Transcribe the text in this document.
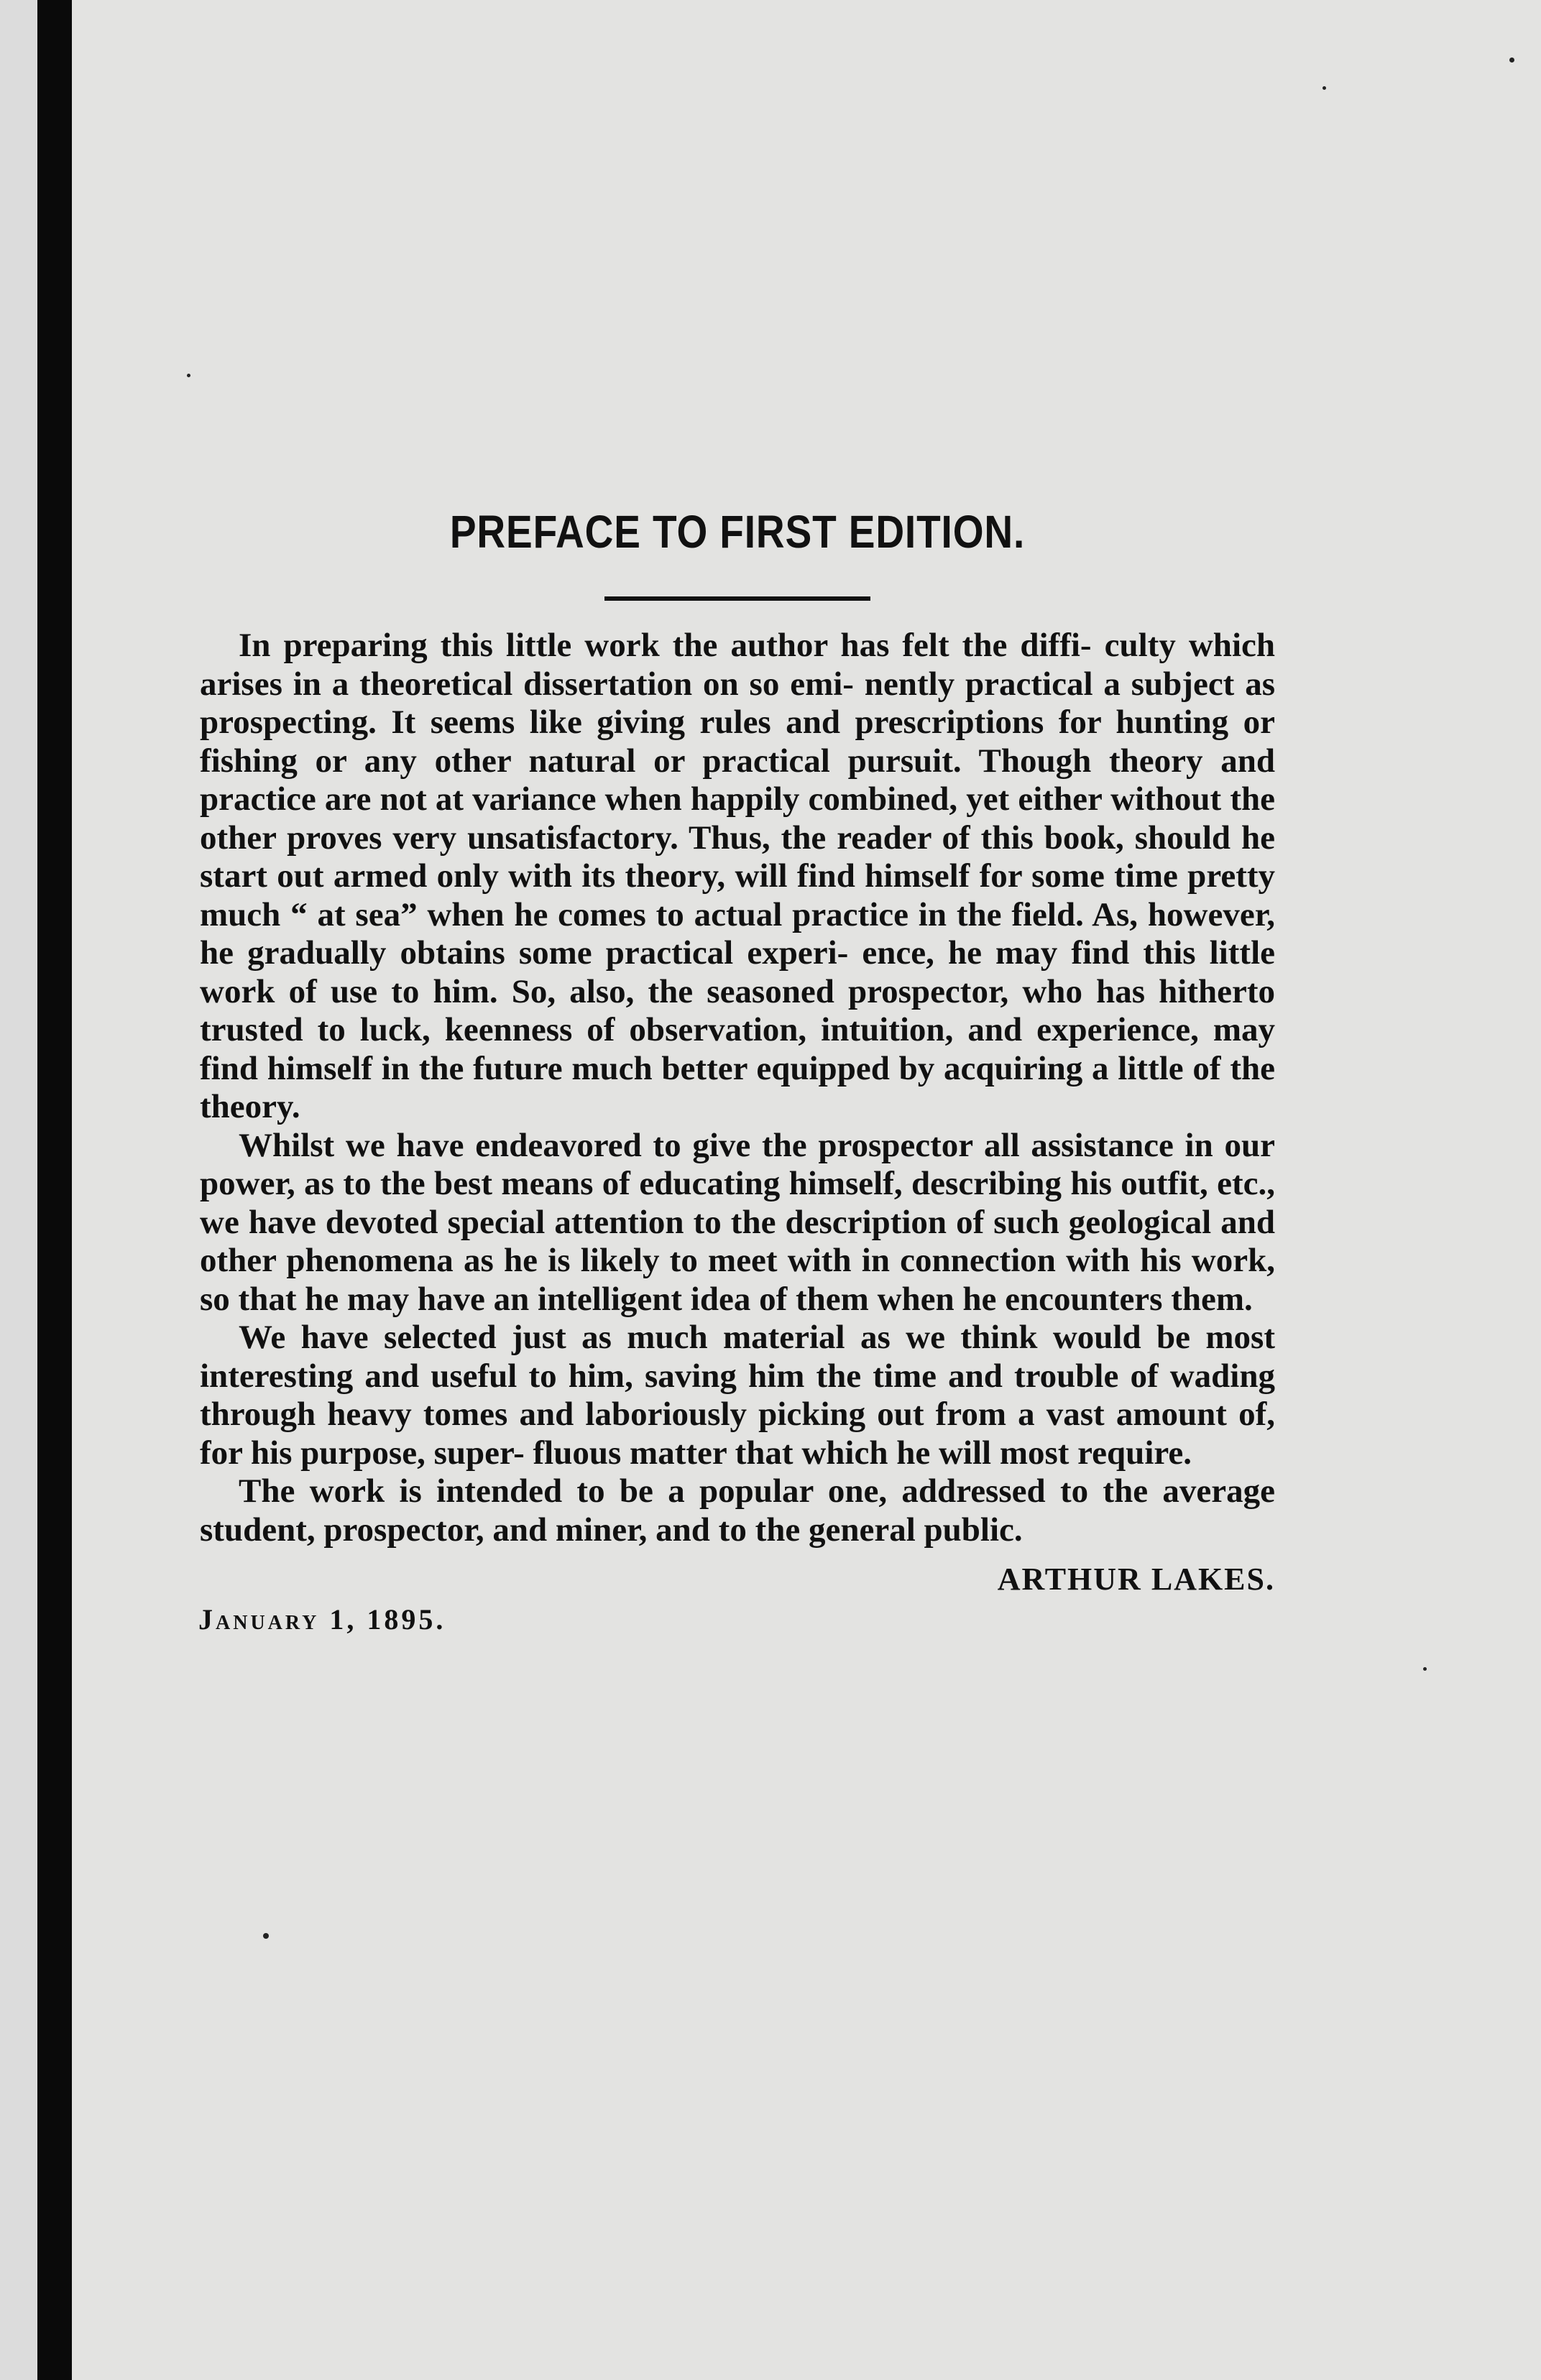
PREFACE TO FIRST EDITION.

In preparing this little work the author has felt the diffi- culty which arises in a theoretical dissertation on so emi- nently practical a subject as prospecting. It seems like giving rules and prescriptions for hunting or fishing or any other natural or practical pursuit. Though theory and practice are not at variance when happily combined, yet either without the other proves very unsatisfactory. Thus, the reader of this book, should he start out armed only with its theory, will find himself for some time pretty much “ at sea” when he comes to actual practice in the field. As, however, he gradually obtains some practical experi- ence, he may find this little work of use to him. So, also, the seasoned prospector, who has hitherto trusted to luck, keenness of observation, intuition, and experience, may find himself in the future much better equipped by acquiring a little of the theory.

Whilst we have endeavored to give the prospector all assistance in our power, as to the best means of educating himself, describing his outfit, etc., we have devoted special attention to the description of such geological and other phenomena as he is likely to meet with in connection with his work, so that he may have an intelligent idea of them when he encounters them.

We have selected just as much material as we think would be most interesting and useful to him, saving him the time and trouble of wading through heavy tomes and laboriously picking out from a vast amount of, for his purpose, super- fluous matter that which he will most require.

The work is intended to be a popular one, addressed to the average student, prospector, and miner, and to the general public.

ARTHUR LAKES.
January 1, 1895.
